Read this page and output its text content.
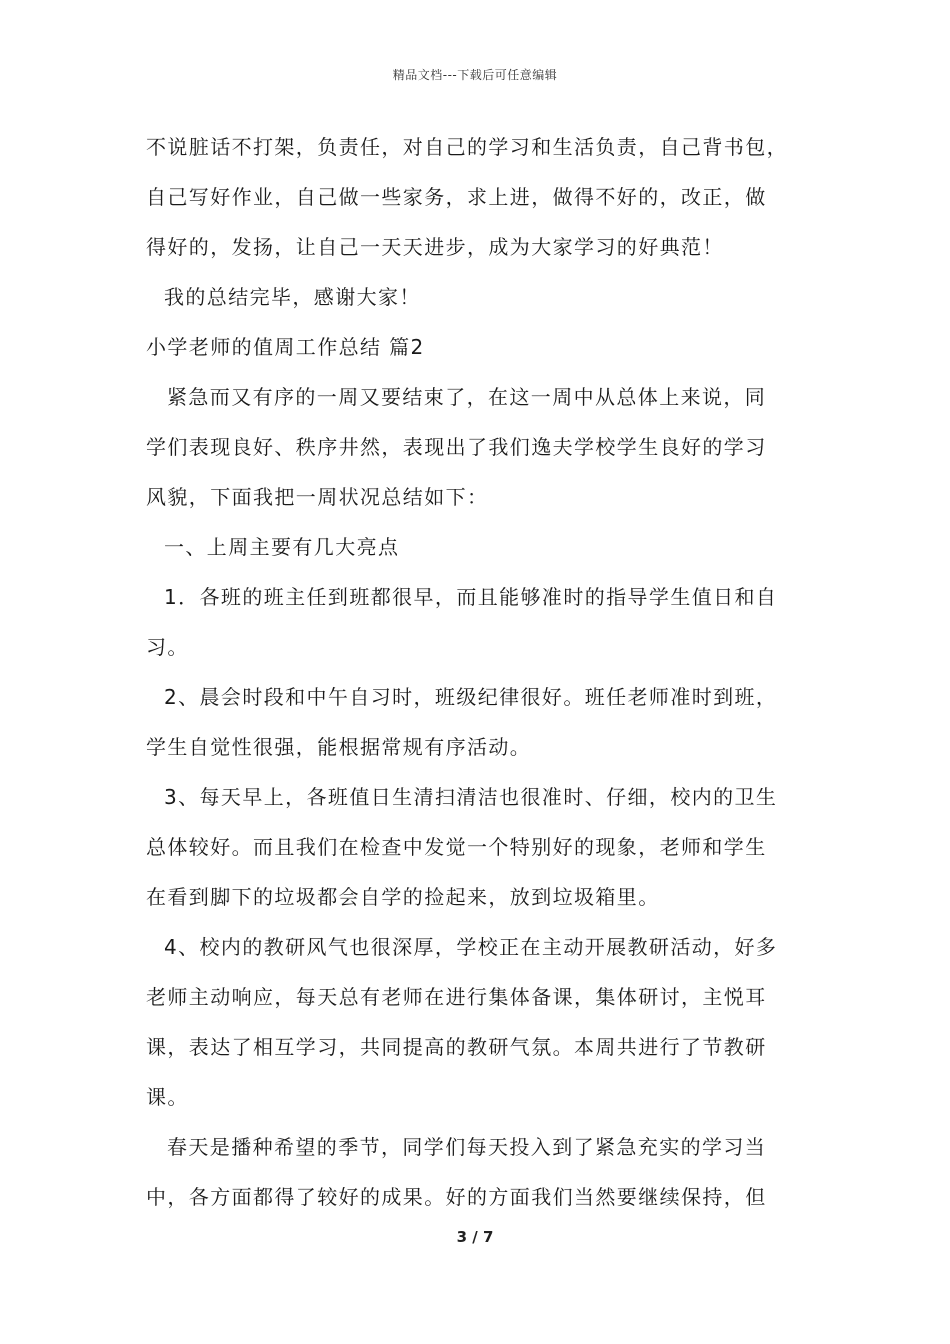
精品文档---下载后可任意编辑
不说脏话不打架，负责任，对自己的学习和生活负责，自己背书包，
自己写好作业，自己做一些家务，求上进，做得不好的，改正，做
得好的，发扬，让自己一天天进步，成为大家学习的好典范！
我的总结完毕，感谢大家！
小学老师的值周工作总结 篇2
紧急而又有序的一周又要结束了，在这一周中从总体上来说，同
学们表现良好、秩序井然，表现出了我们逸夫学校学生良好的学习
风貌，下面我把一周状况总结如下：
一、上周主要有几大亮点
1．各班的班主任到班都很早，而且能够准时的指导学生值日和自
习。
2、晨会时段和中午自习时，班级纪律很好。班任老师准时到班，
学生自觉性很强，能根据常规有序活动。
3、每天早上，各班值日生清扫清洁也很准时、仔细，校内的卫生
总体较好。而且我们在检查中发觉一个特别好的现象，老师和学生
在看到脚下的垃圾都会自学的捡起来，放到垃圾箱里。
4、校内的教研风气也很深厚，学校正在主动开展教研活动，好多
老师主动响应，每天总有老师在进行集体备课，集体研讨，主悦耳
课，表达了相互学习，共同提高的教研气氛。本周共进行了节教研
课。
春天是播种希望的季节，同学们每天投入到了紧急充实的学习当
中，各方面都得了较好的成果。好的方面我们当然要继续保持，但
3 / 7
